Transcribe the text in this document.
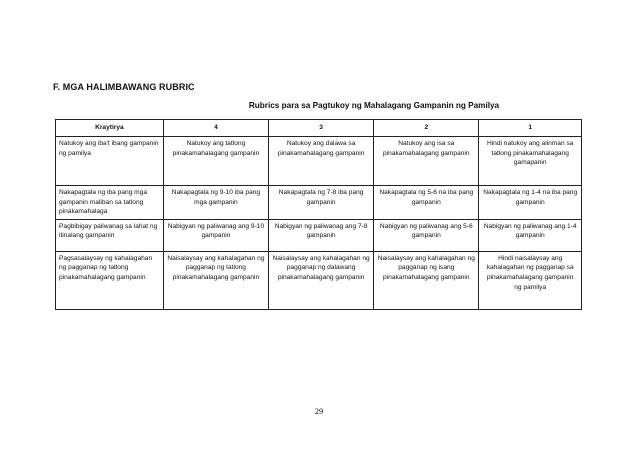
F. MGA HALIMBAWANG RUBRIC
Rubrics para sa Pagtukoy ng Mahalagang Gampanin ng Pamilya
Kraytirya	4	3	2	1
Natukoy ang iba't ibang gampanin ng pamilya	Natukoy ang tatlong pinakamahalagang gampanin	Natukoy ang dalawa sa pinakamahalagang gampanin	Natukoy ang isa sa pinakamahalagang gampanin	Hindi natukoy ang alinman sa tatlong pinakamahalagang gamapanin
Nakapagtala ng iba pang mga gampanin maliban sa tatlong pinakamahalaga	Nakapagtala ng 9-10 iba pang mga gampanin	Nakapagtala ng 7-8 iba pang gampanin	Nakapagtala ng 5-6 na iba pang gampanin	Nakapagtala ng 1-4 na iba pang gampanin
Pagbibigay paliwanag sa lahat ng itinalang gampanin	Nabigyan ng paliwanag ang 9-10 gampanin	Nabigyan ng paliwanag ang 7-8 gampanin	Nabigyan ng paliwanag ang 5-6 gampanin	Nabigyan ng paliwanag ang 1-4 gampanin
Pagsasalaysay ng kahalagahan ng pagganap ng tatlong pinakamahalagang gampanin	Naisalaysay ang kahalagahan ng pagganap ng tatlong pinakamahalagang gampanin	Naisalaysay ang kahalagahan ng pagganap ng dalawang pinakamahalagang gampanin	Naisalaysay ang kahalagahan ng pagganap ng isang pinakamahalagang gampanin	Hindi naisalaysay ang kahalagahan ng pagganap sa pinakamahalagang gampanin ng pamilya
29
